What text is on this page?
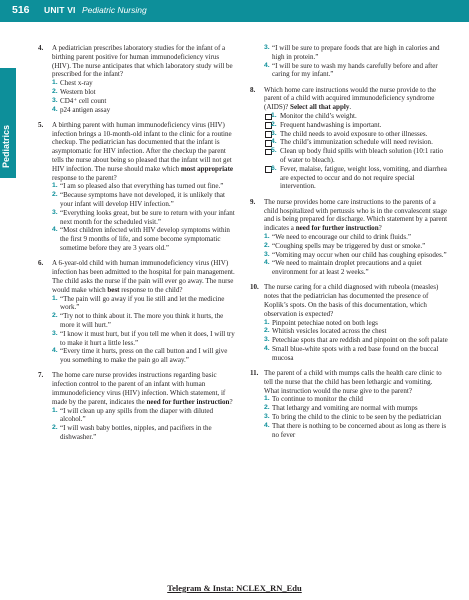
516 UNIT VI Pediatric Nursing
Pediatrics

4. A pediatrician prescribes laboratory studies for the infant of a birthing parent positive for human immunodeficiency virus (HIV). The nurse anticipates that which laboratory study will be prescribed for the infant?

1. Chest x-ray
2. Western blot
3. CD4⁺ cell count
4. p24 antigen assay

5. A birthing parent with human immunodeficiency virus (HIV) infection brings a 10-month-old infant to the clinic for a routine checkup. The pediatrician has documented that the infant is asymptomatic for HIV infection. After the checkup the parent tells the nurse about being so pleased that the infant will not get HIV infection. The nurse should make which most appropriate response to the parent?

1. “I am so pleased also that everything has turned out fine.”
2. “Because symptoms have not developed, it is unlikely that your infant will develop HIV infection.”
3. “Everything looks great, but be sure to return with your infant next month for the scheduled visit.”
4. “Most children infected with HIV develop symptoms within the first 9 months of life, and some become symptomatic sometime before they are 3 years old.”

6. A 6-year-old child with human immunodeficiency virus (HIV) infection has been admitted to the hospital for pain management. The child asks the nurse if the pain will ever go away. The nurse would make which best response to the child?

1. “The pain will go away if you lie still and let the medicine work.”
2. “Try not to think about it. The more you think it hurts, the more it will hurt.”
3. “I know it must hurt, but if you tell me when it does, I will try to make it hurt a little less.”
4. “Every time it hurts, press on the call button and I will give you something to make the pain go all away.”

7. The home care nurse provides instructions regarding basic infection control to the parent of an infant with human immunodeficiency virus (HIV) infection. Which statement, if made by the parent, indicates the need for further instruction?

1. “I will clean up any spills from the diaper with diluted alcohol.”
2. “I will wash baby bottles, nipples, and pacifiers in the dishwasher.”
3. “I will be sure to prepare foods that are high in calories and high in protein.”
4. “I will be sure to wash my hands carefully before and after caring for my infant.”

8. Which home care instructions would the nurse provide to the parent of a child with acquired immunodeficiency syndrome (AIDS)? Select all that apply.

1. Monitor the child’s weight.
2. Frequent handwashing is important.
3. The child needs to avoid exposure to other illnesses.
4. The child’s immunization schedule will need revision.
5. Clean up body fluid spills with bleach solution (10:1 ratio of water to bleach).
6. Fever, malaise, fatigue, weight loss, vomiting, and diarrhea are expected to occur and do not require special intervention.

9. The nurse provides home care instructions to the parents of a child hospitalized with pertussis who is in the convalescent stage and is being prepared for discharge. Which statement by a parent indicates a need for further instruction?

1. “We need to encourage our child to drink fluids.”
2. “Coughing spells may be triggered by dust or smoke.”
3. “Vomiting may occur when our child has coughing episodes.”
4. “We need to maintain droplet precautions and a quiet environment for at least 2 weeks.”

10. The nurse caring for a child diagnosed with rubeola (measles) notes that the pediatrician has documented the presence of Koplik’s spots. On the basis of this documentation, which observation is expected?

1. Pinpoint petechiae noted on both legs
2. Whitish vesicles located across the chest
3. Petechiae spots that are reddish and pinpoint on the soft palate
4. Small blue-white spots with a red base found on the buccal mucosa

11. The parent of a child with mumps calls the health care clinic to tell the nurse that the child has been lethargic and vomiting. What instruction would the nurse give to the parent?

1. To continue to monitor the child
2. That lethargy and vomiting are normal with mumps
3. To bring the child to the clinic to be seen by the pediatrician
4. That there is nothing to be concerned about as long as there is no fever
Telegram & Insta: NCLEX_RN_Edu
